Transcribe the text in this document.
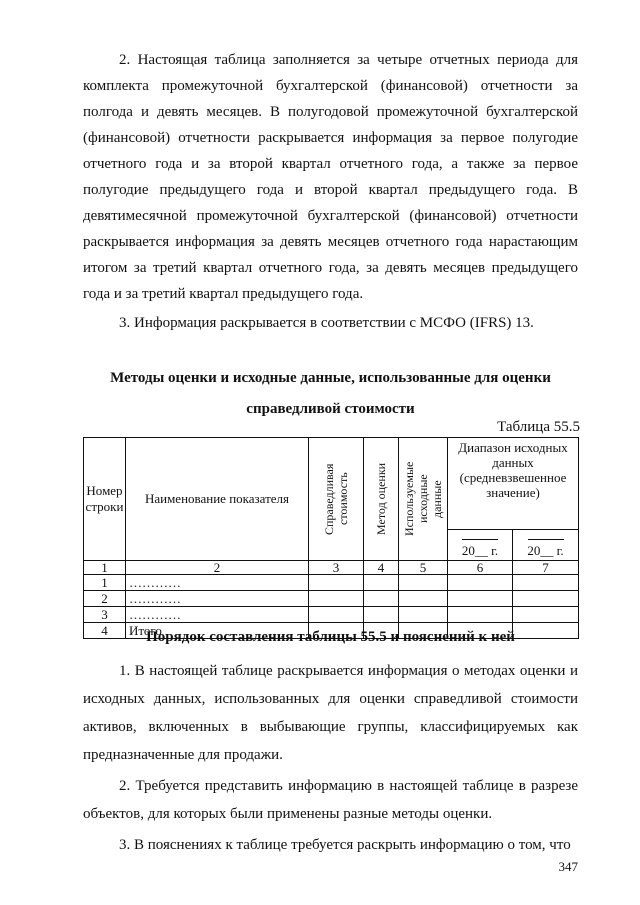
2. Настоящая таблица заполняется за четыре отчетных периода для комплекта промежуточной бухгалтерской (финансовой) отчетности за полгода и девять месяцев. В полугодовой промежуточной бухгалтерской (финансовой) отчетности раскрывается информация за первое полугодие отчетного года и за второй квартал отчетного года, а также за первое полугодие предыдущего года и второй квартал предыдущего года. В девятимесячной промежуточной бухгалтерской (финансовой) отчетности раскрывается информация за девять месяцев отчетного года нарастающим итогом за третий квартал отчетного года, за девять месяцев предыдущего года и за третий квартал предыдущего года.

3. Информация раскрывается в соответствии с МСФО (IFRS) 13.

Методы оценки и исходные данные, использованные для оценки
справедливой стоимости
Таблица 55.5
Номер строки	Наименование показателя	Справедливая стоимость	Метод оценки	Используемые исходные данные	Диапазон исходных данных (средневзвешенное значение)	

20__ г.	20__ г.

1	2	3	4	5	6	7
1	…………					
2	…………					
3	…………					
4	Итого					
Порядок составления таблицы 55.5 и пояснений к ней

1. В настоящей таблице раскрывается информация о методах оценки и исходных данных, использованных для оценки справедливой стоимости активов, включенных в выбывающие группы, классифицируемых как предназначенные для продажи.

2. Требуется представить информацию в настоящей таблице в разрезе объектов, для которых были применены разные методы оценки.

3. В пояснениях к таблице требуется раскрыть информацию о том, что

347
